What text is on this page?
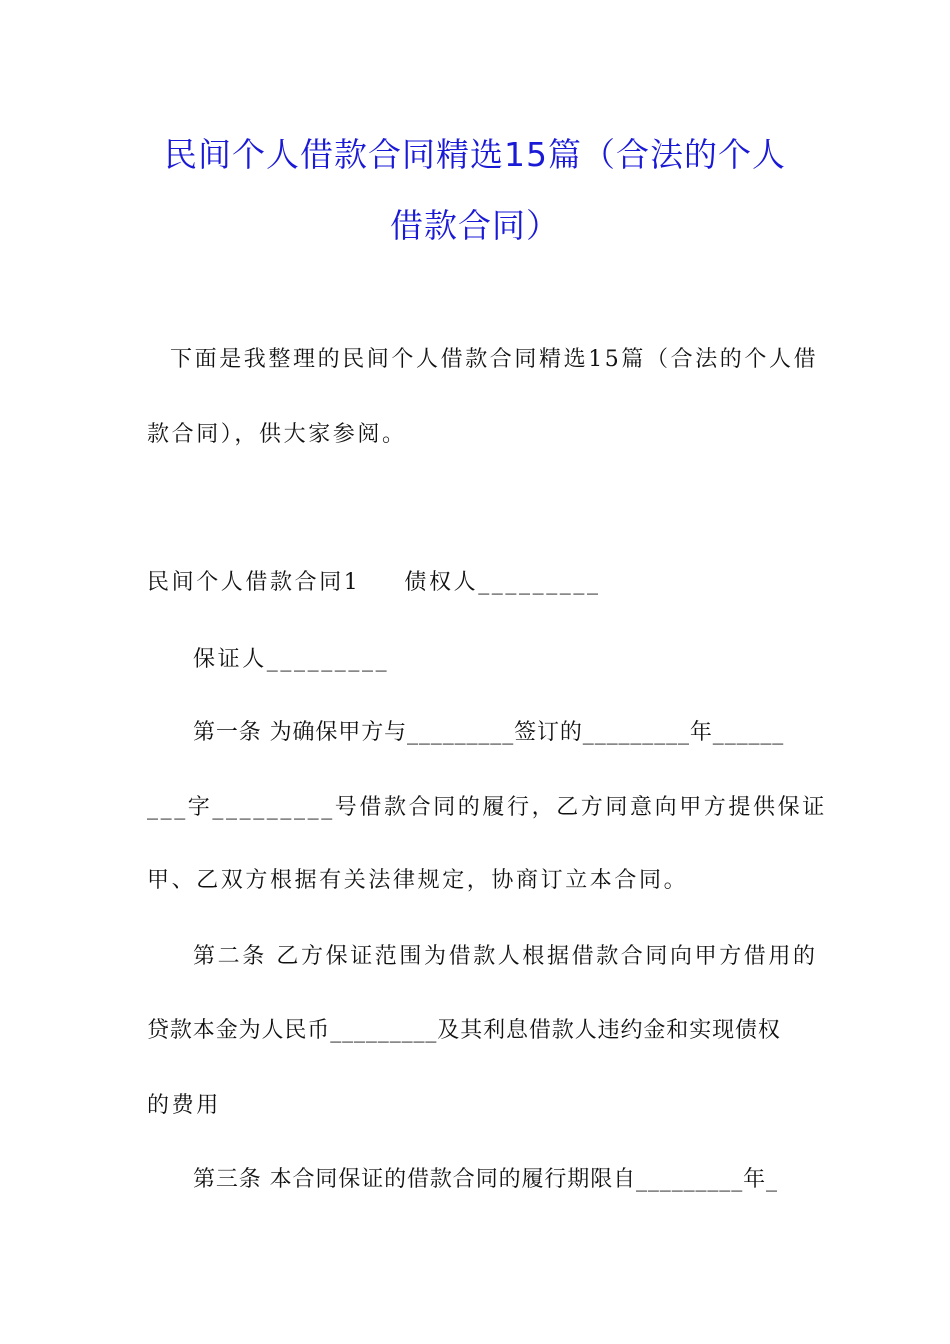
民间个人借款合同精选15篇（合法的个人
借款合同）
下面是我整理的民间个人借款合同精选15篇（合法的个人借
款合同），供大家参阅。
民间个人借款合同1 债权人_________
保证人_________
第一条 为确保甲方与_________签订的_________年______
___字_________号借款合同的履行，乙方同意向甲方提供保证
甲、乙双方根据有关法律规定，协商订立本合同。
第二条 乙方保证范围为借款人根据借款合同向甲方借用的
贷款本金为人民币_________及其利息借款人违约金和实现债权
的费用
第三条 本合同保证的借款合同的履行期限自_________年_
